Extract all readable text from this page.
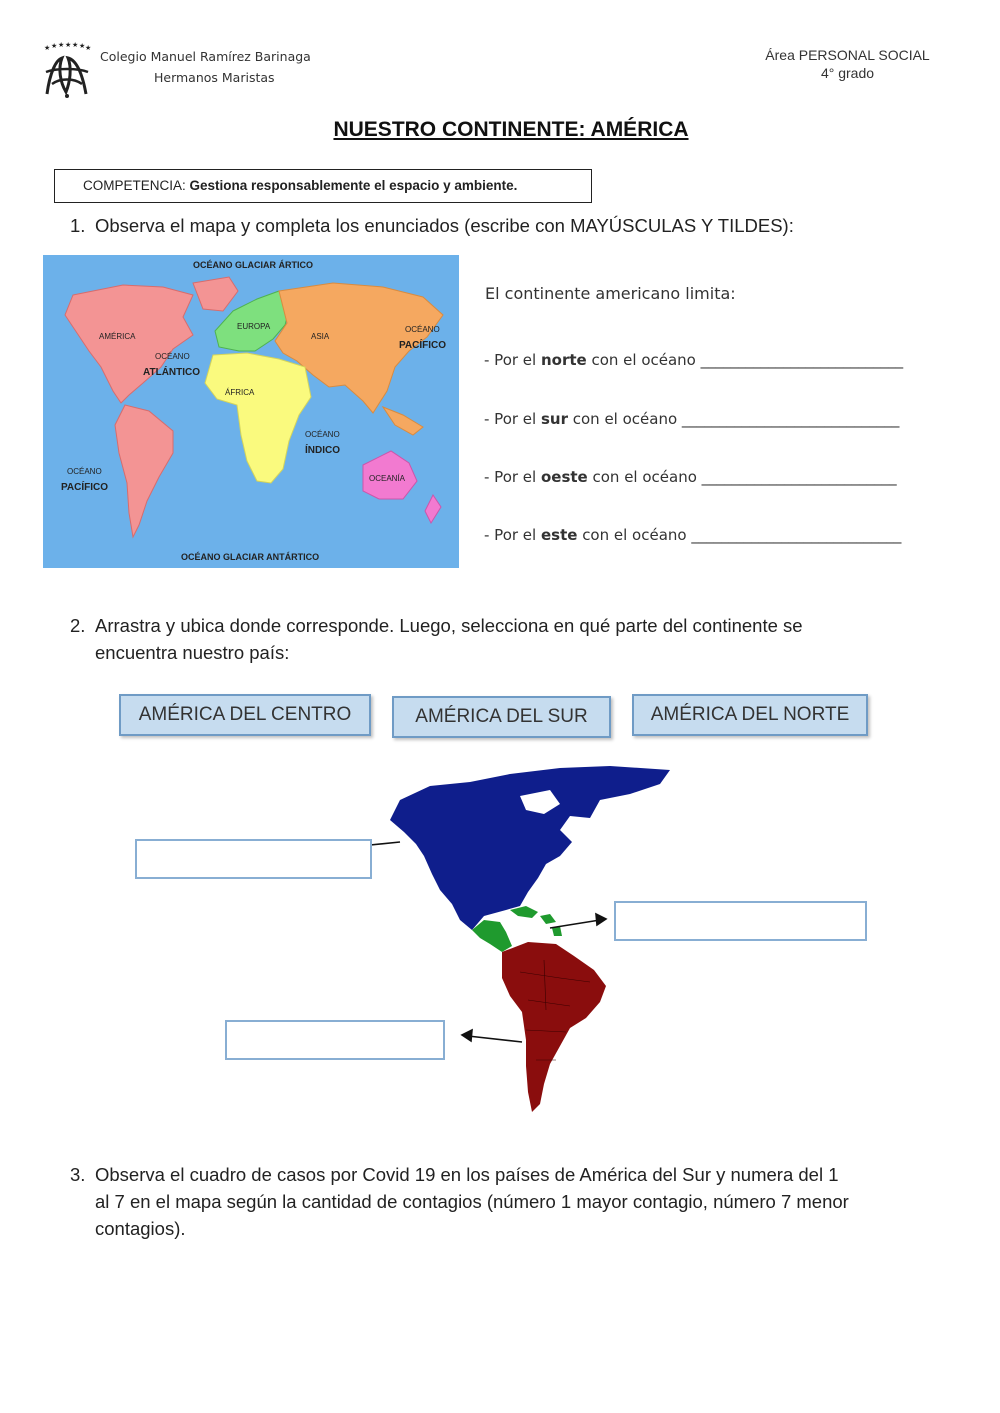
★ ★ ★ ★ ★ ★ ★
Colegio Manuel Ramírez Barinaga
Hermanos Maristas
Área PERSONAL SOCIAL
4° grado
NUESTRO CONTINENTE: AMÉRICA
COMPETENCIA: Gestiona responsablemente el espacio y ambiente.
1. Observa el mapa y completa los enunciados (escribe con MAYÚSCULAS Y TILDES):
OCÉANO GLACIAR ÁRTICO
OCÉANO GLACIAR ANTÁRTICO
AMÉRICA
EUROPA
ASIA
ÁFRICA
OCEANÍA
OCÉANO
ATLÁNTICO
OCÉANO
ÍNDICO
OCÉANO
PACÍFICO
OCÉANO
PACÍFICO
El continente americano limita:
- Por el norte con el océano ___________________________
- Por el sur con el océano _____________________________
- Por el oeste con el océano __________________________
- Por el este con el océano ____________________________
2. Arrastra y ubica donde corresponde. Luego, selecciona en qué parte del continente se
encuentra nuestro país:
AMÉRICA DEL CENTRO	AMÉRICA DEL SUR	AMÉRICA DEL NORTE
3. Observa el cuadro de casos por Covid 19 en los países de América del Sur y numera del 1
al 7 en el mapa según la cantidad de contagios (número 1 mayor contagio, número 7 menor
contagios).
